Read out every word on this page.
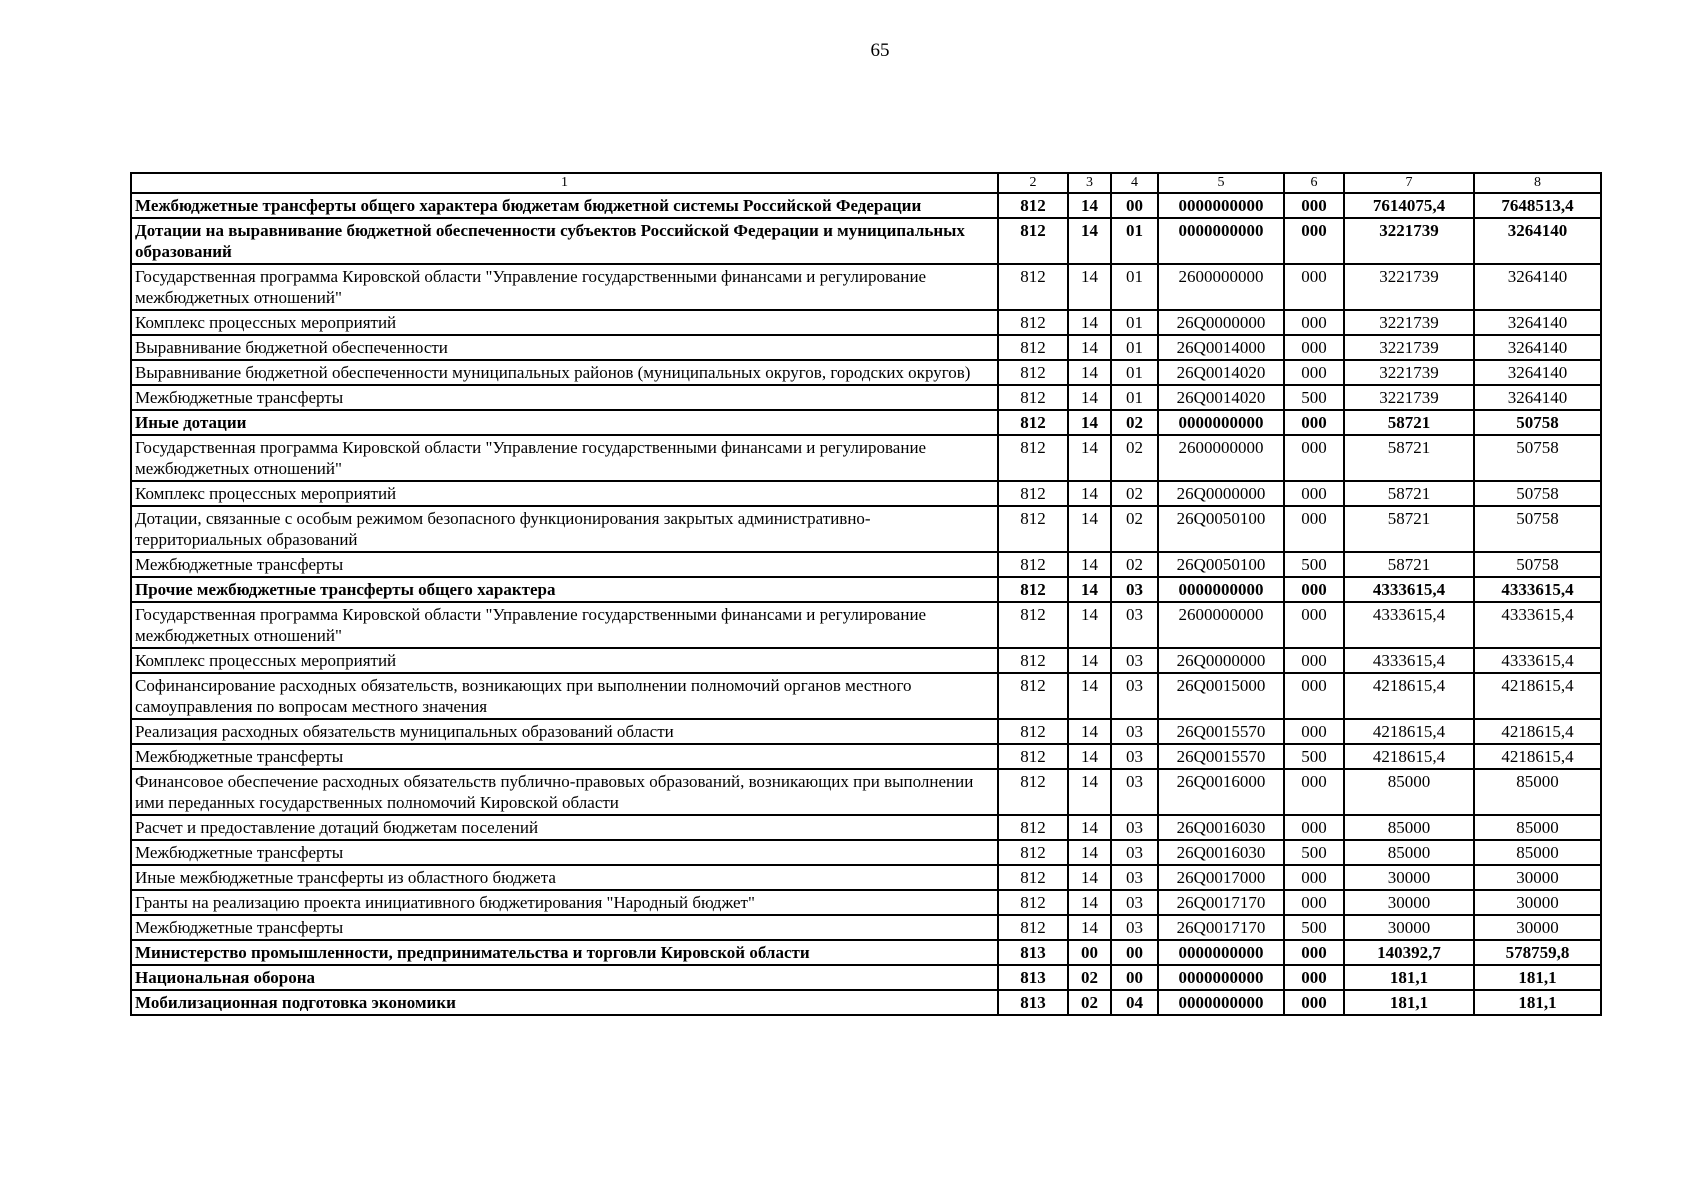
65
1	2	3	4	5	6	7	8
Межбюджетные трансферты общего характера бюджетам бюджетной системы Российской Федерации	812	14	00	0000000000	000	7614075,4	7648513,4
Дотации на выравнивание бюджетной обеспеченности субъектов Российской Федерации и муниципальных образований	812	14	01	0000000000	000	3221739	3264140
Государственная программа Кировской области "Управление государственными финансами и регулирование межбюджетных отношений"	812	14	01	2600000000	000	3221739	3264140
Комплекс процессных мероприятий	812	14	01	26Q0000000	000	3221739	3264140
Выравнивание бюджетной обеспеченности	812	14	01	26Q0014000	000	3221739	3264140
Выравнивание бюджетной обеспеченности муниципальных районов (муниципальных округов, городских округов)	812	14	01	26Q0014020	000	3221739	3264140
Межбюджетные трансферты	812	14	01	26Q0014020	500	3221739	3264140
Иные дотации	812	14	02	0000000000	000	58721	50758
Государственная программа Кировской области "Управление государственными финансами и регулирование межбюджетных отношений"	812	14	02	2600000000	000	58721	50758
Комплекс процессных мероприятий	812	14	02	26Q0000000	000	58721	50758
Дотации, связанные с особым режимом безопасного функционирования закрытых административно-территориальных образований	812	14	02	26Q0050100	000	58721	50758
Межбюджетные трансферты	812	14	02	26Q0050100	500	58721	50758
Прочие межбюджетные трансферты общего характера	812	14	03	0000000000	000	4333615,4	4333615,4
Государственная программа Кировской области "Управление государственными финансами и регулирование межбюджетных отношений"	812	14	03	2600000000	000	4333615,4	4333615,4
Комплекс процессных мероприятий	812	14	03	26Q0000000	000	4333615,4	4333615,4
Софинансирование расходных обязательств, возникающих при выполнении полномочий органов местного самоуправления по вопросам местного значения	812	14	03	26Q0015000	000	4218615,4	4218615,4
Реализация расходных обязательств муниципальных образований области	812	14	03	26Q0015570	000	4218615,4	4218615,4
Межбюджетные трансферты	812	14	03	26Q0015570	500	4218615,4	4218615,4
Финансовое обеспечение расходных обязательств публично-правовых образований, возникающих при выполнении ими переданных государственных полномочий Кировской области	812	14	03	26Q0016000	000	85000	85000
Расчет и предоставление дотаций бюджетам поселений	812	14	03	26Q0016030	000	85000	85000
Межбюджетные трансферты	812	14	03	26Q0016030	500	85000	85000
Иные межбюджетные трансферты из областного бюджета	812	14	03	26Q0017000	000	30000	30000
Гранты на реализацию проекта инициативного бюджетирования "Народный бюджет"	812	14	03	26Q0017170	000	30000	30000
Межбюджетные трансферты	812	14	03	26Q0017170	500	30000	30000
Министерство промышленности, предпринимательства и торговли Кировской области	813	00	00	0000000000	000	140392,7	578759,8
Национальная оборона	813	02	00	0000000000	000	181,1	181,1
Мобилизационная подготовка экономики	813	02	04	0000000000	000	181,1	181,1
